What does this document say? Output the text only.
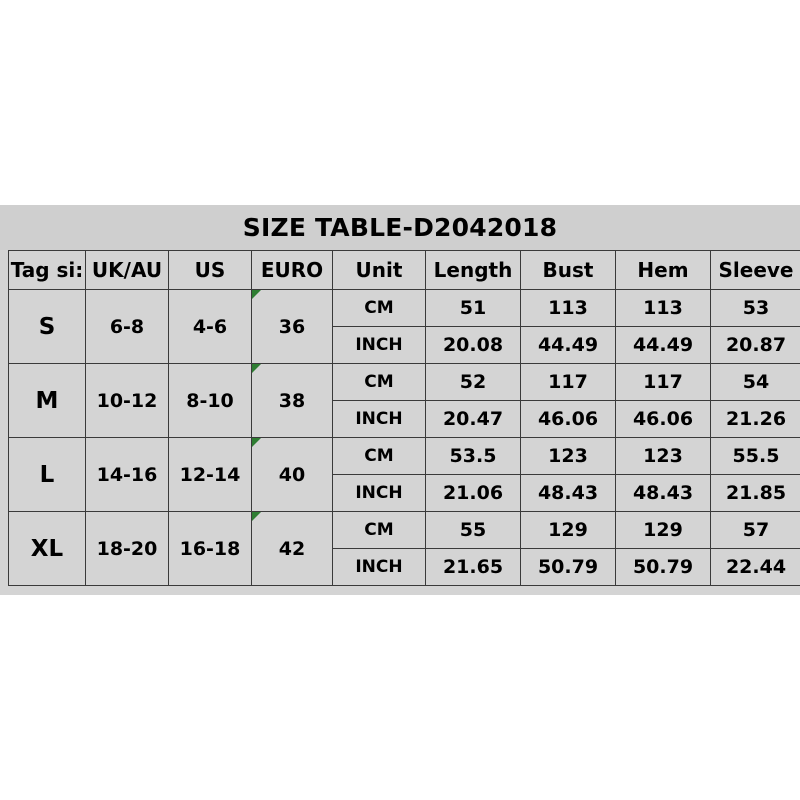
SIZE TABLE-D2042018
Tag si:	UK/AU	US	EURO	Unit	Length	Bust	Hem	Sleeve
S	6-8	4-6	36	CM	51	113	113	53
				INCH	20.08	44.49	44.49	20.87
M	10-12	8-10	38	CM	52	117	117	54
				INCH	20.47	46.06	46.06	21.26
L	14-16	12-14	40	CM	53.5	123	123	55.5
				INCH	21.06	48.43	48.43	21.85
XL	18-20	16-18	42	CM	55	129	129	57
				INCH	21.65	50.79	50.79	22.44
